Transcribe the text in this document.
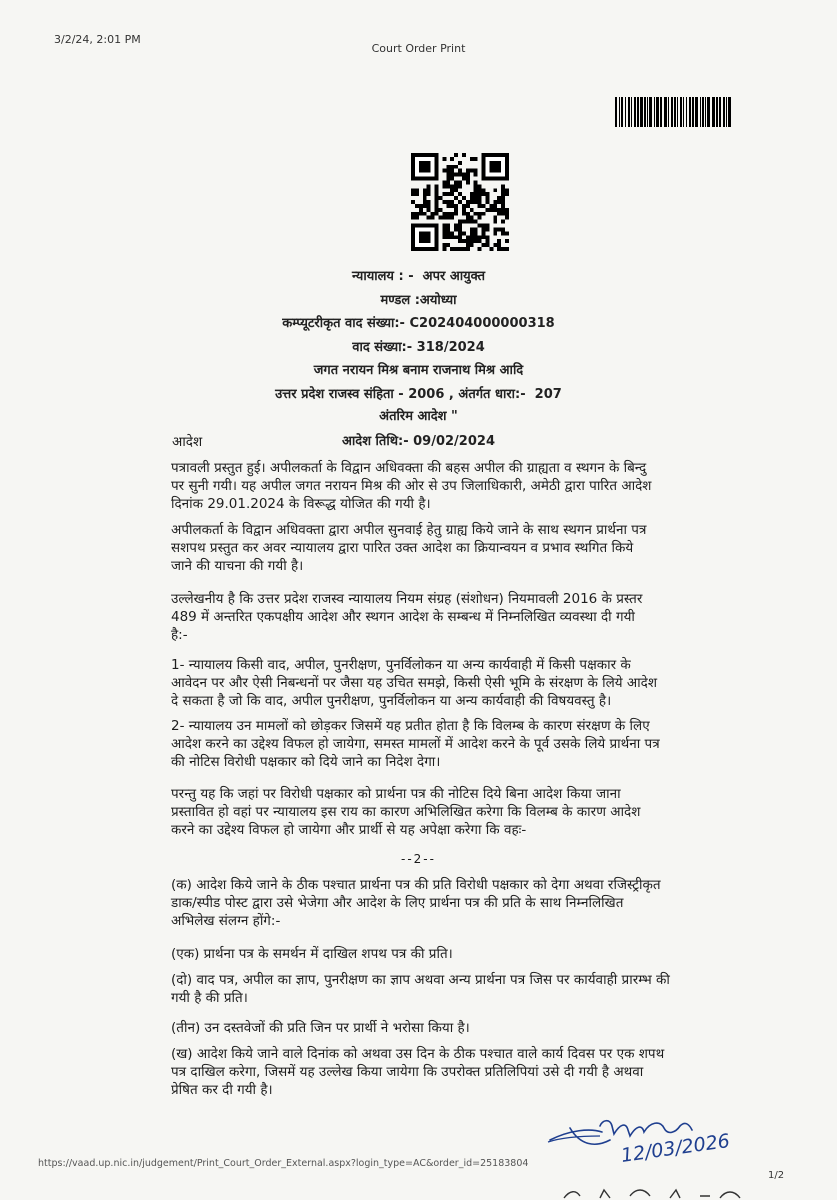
3/2/24, 2:01 PM
Court Order Print
न्यायालय : -  अपर आयुक्त
मण्डल :अयोध्या
कम्प्यूटरीकृत वाद संख्या:- C202404000000318
वाद संख्या:- 318/2024
जगत नरायन मिश्र बनाम राजनाथ मिश्र आदि
उत्तर प्रदेश राजस्व संहिता - 2006 , अंतर्गत धारा:-  207
अंतरिम आदेश "
आदेश तिथि:- 09/02/2024
आदेश
पत्रावली प्रस्तुत हुई। अपीलकर्ता के विद्वान अधिवक्ता की बहस अपील की ग्राह्यता व स्थगन के बिन्दु
पर सुनी गयी। यह अपील जगत नरायन मिश्र की ओर से उप जिलाधिकारी, अमेठी द्वारा पारित आदेश
दिनांक 29.01.2024 के विरूद्ध योजित की गयी है।
अपीलकर्ता के विद्वान अधिवक्ता द्वारा अपील सुनवाई हेतु ग्राह्य किये जाने के साथ स्थगन प्रार्थना पत्र
सशपथ प्रस्तुत कर अवर न्यायालय द्वारा पारित उक्त आदेश का क्रियान्वयन व प्रभाव स्थगित किये
जाने की याचना की गयी है।
उल्लेखनीय है कि उत्तर प्रदेश राजस्व न्यायालय नियम संग्रह (संशोधन) नियमावली 2016 के प्रस्तर
489 में अन्तरित एकपक्षीय आदेश और स्थगन आदेश के सम्बन्ध में निम्नलिखित व्यवस्था दी गयी
है:-
1- न्यायालय किसी वाद, अपील, पुनरीक्षण, पुनर्विलोकन या अन्य कार्यवाही में किसी पक्षकार के
आवेदन पर और ऐसी निबन्धनों पर जैसा यह उचित समझे, किसी ऐसी भूमि के संरक्षण के लिये आदेश
दे सकता है जो कि वाद, अपील पुनरीक्षण, पुनर्विलोकन या अन्य कार्यवाही की विषयवस्तु है।
2- न्यायालय उन मामलों को छोड़कर जिसमें यह प्रतीत होता है कि विलम्ब के कारण संरक्षण के लिए
आदेश करने का उद्देश्य विफल हो जायेगा, समस्त मामलों में आदेश करने के पूर्व उसके लिये प्रार्थना पत्र
की नोटिस विरोधी पक्षकार को दिये जाने का निदेश देगा।
परन्तु यह कि जहां पर विरोधी पक्षकार को प्रार्थना पत्र की नोटिस दिये बिना आदेश किया जाना
प्रस्तावित हो वहां पर न्यायालय इस राय का कारण अभिलिखित करेगा कि विलम्ब के कारण आदेश
करने का उद्देश्य विफल हो जायेगा और प्रार्थी से यह अपेक्षा करेगा कि वहः-
--2--
(क) आदेश किये जाने के ठीक पश्चात प्रार्थना पत्र की प्रति विरोधी पक्षकार को देगा अथवा रजिस्ट्रीकृत
डाक/स्पीड पोस्ट द्वारा उसे भेजेगा और आदेश के लिए प्रार्थना पत्र की प्रति के साथ निम्नलिखित
अभिलेख संलग्न होंगे:-
(एक) प्रार्थना पत्र के समर्थन में दाखिल शपथ पत्र की प्रति।
(दो) वाद पत्र, अपील का ज्ञाप, पुनरीक्षण का ज्ञाप अथवा अन्य प्रार्थना पत्र जिस पर कार्यवाही प्रारम्भ की
गयी है की प्रति।
(तीन) उन दस्तवेजों की प्रति जिन पर प्रार्थी ने भरोसा किया है।
(ख) आदेश किये जाने वाले दिनांक को अथवा उस दिन के ठीक पश्चात वाले कार्य दिवस पर एक शपथ
पत्र दाखिल करेगा, जिसमें यह उल्लेख किया जायेगा कि उपरोक्त प्रतिलिपियां उसे दी गयी है अथवा
प्रेषित कर दी गयी है।
12/03/2026
https://vaad.up.nic.in/judgement/Print_Court_Order_External.aspx?login_type=AC&order_id=25183804
1/2
